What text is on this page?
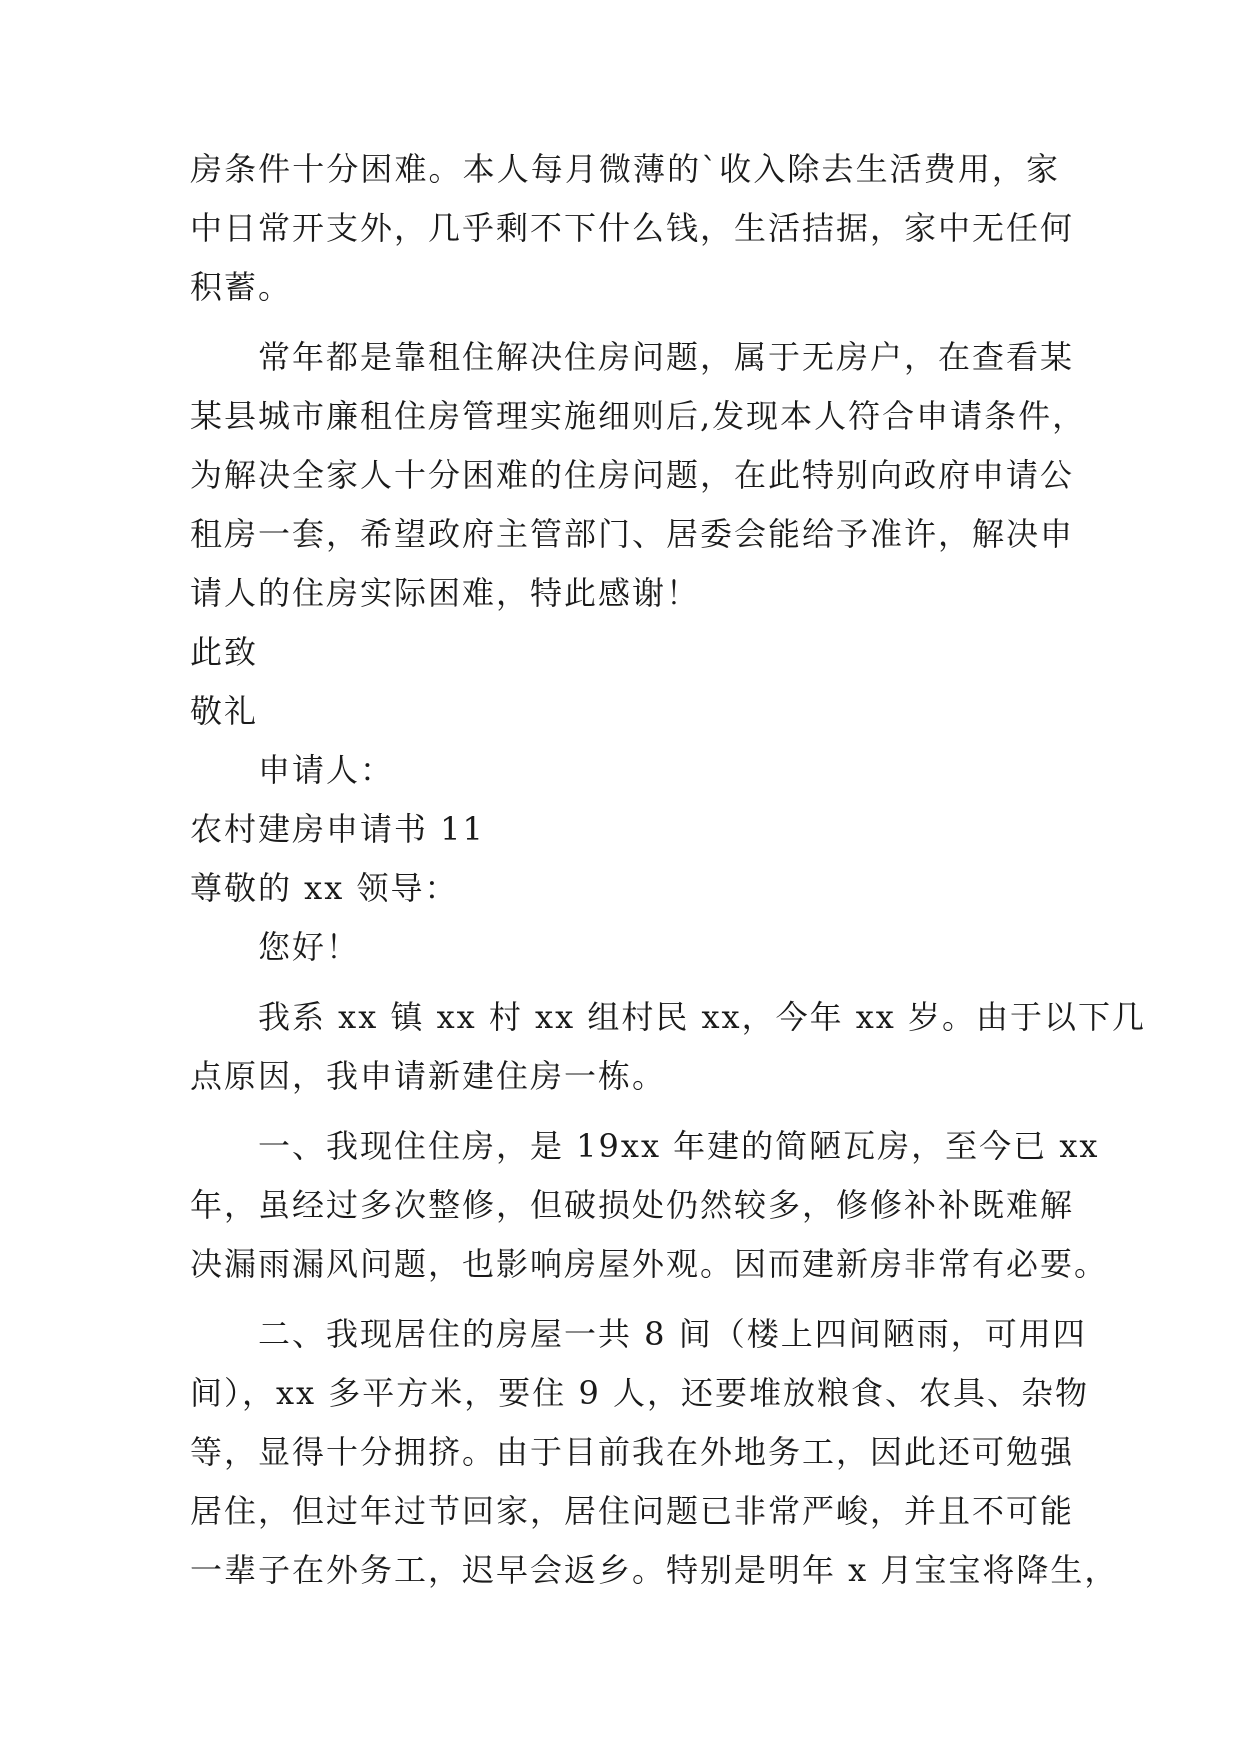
房条件十分困难。本人每月微薄的`收入除去生活费用，家
中日常开支外，几乎剩不下什么钱，生活拮据，家中无任何
积蓄。
常年都是靠租住解决住房问题，属于无房户，在查看某
某县城市廉租住房管理实施细则后,发现本人符合申请条件，
为解决全家人十分困难的住房问题，在此特别向政府申请公
租房一套，希望政府主管部门、居委会能给予准许，解决申
请人的住房实际困难，特此感谢！
此致
敬礼
申请人：
农村建房申请书 11
尊敬的 xx 领导：
您好！
我系 xx 镇 xx 村 xx 组村民 xx，今年 xx 岁。由于以下几
点原因，我申请新建住房一栋。
一、我现住住房，是 19xx 年建的简陋瓦房，至今已 xx
年，虽经过多次整修，但破损处仍然较多，修修补补既难解
决漏雨漏风问题，也影响房屋外观。因而建新房非常有必要。
二、我现居住的房屋一共 8 间（楼上四间陋雨，可用四
间），xx 多平方米，要住 9 人，还要堆放粮食、农具、杂物
等，显得十分拥挤。由于目前我在外地务工，因此还可勉强
居住，但过年过节回家，居住问题已非常严峻，并且不可能
一辈子在外务工，迟早会返乡。特别是明年 x 月宝宝将降生，
